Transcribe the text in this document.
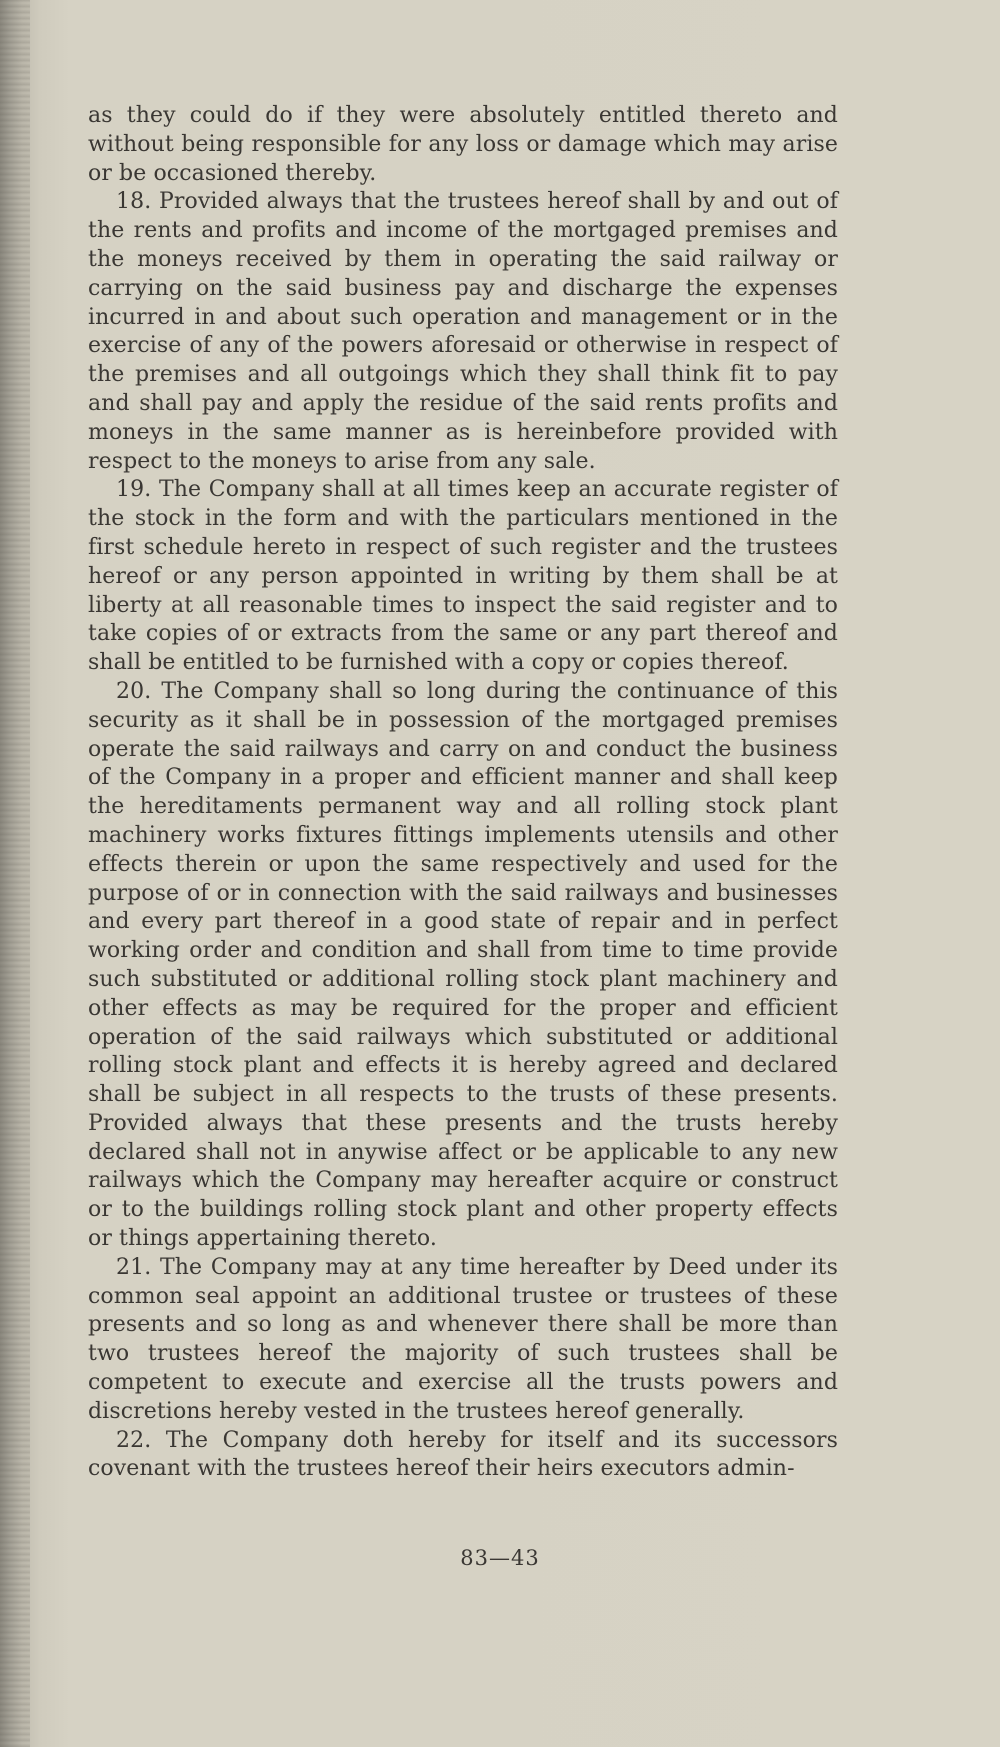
as they could do if they were absolutely entitled thereto and without being responsible for any loss or damage which may arise or be occasioned thereby.

18. Provided always that the trustees hereof shall by and out of the rents and profits and income of the mortgaged premises and the moneys received by them in operating the said railway or carrying on the said business pay and discharge the expenses incurred in and about such operation and management or in the exercise of any of the powers aforesaid or otherwise in respect of the premises and all outgoings which they shall think fit to pay and shall pay and apply the residue of the said rents profits and moneys in the same manner as is hereinbefore provided with respect to the moneys to arise from any sale.

19. The Company shall at all times keep an accurate register of the stock in the form and with the particulars mentioned in the first schedule hereto in respect of such register and the trustees hereof or any person appointed in writing by them shall be at liberty at all reasonable times to inspect the said register and to take copies of or extracts from the same or any part thereof and shall be entitled to be furnished with a copy or copies thereof.

20. The Company shall so long during the continuance of this security as it shall be in possession of the mortgaged premises operate the said railways and carry on and conduct the business of the Company in a proper and efficient manner and shall keep the hereditaments permanent way and all rolling stock plant machinery works fixtures fittings implements utensils and other effects therein or upon the same respectively and used for the purpose of or in connection with the said railways and businesses and every part thereof in a good state of repair and in perfect working order and condition and shall from time to time provide such substituted or additional rolling stock plant machinery and other effects as may be required for the proper and efficient operation of the said railways which substituted or additional rolling stock plant and effects it is hereby agreed and declared shall be subject in all respects to the trusts of these presents. Provided always that these presents and the trusts hereby declared shall not in anywise affect or be applicable to any new railways which the Company may hereafter acquire or construct or to the buildings rolling stock plant and other property effects or things appertaining thereto.

21. The Company may at any time hereafter by Deed under its common seal appoint an additional trustee or trustees of these presents and so long as and whenever there shall be more than two trustees hereof the majority of such trustees shall be competent to execute and exercise all the trusts powers and discretions hereby vested in the trustees hereof generally.

22. The Company doth hereby for itself and its successors covenant with the trustees hereof their heirs executors admin-

83—43
